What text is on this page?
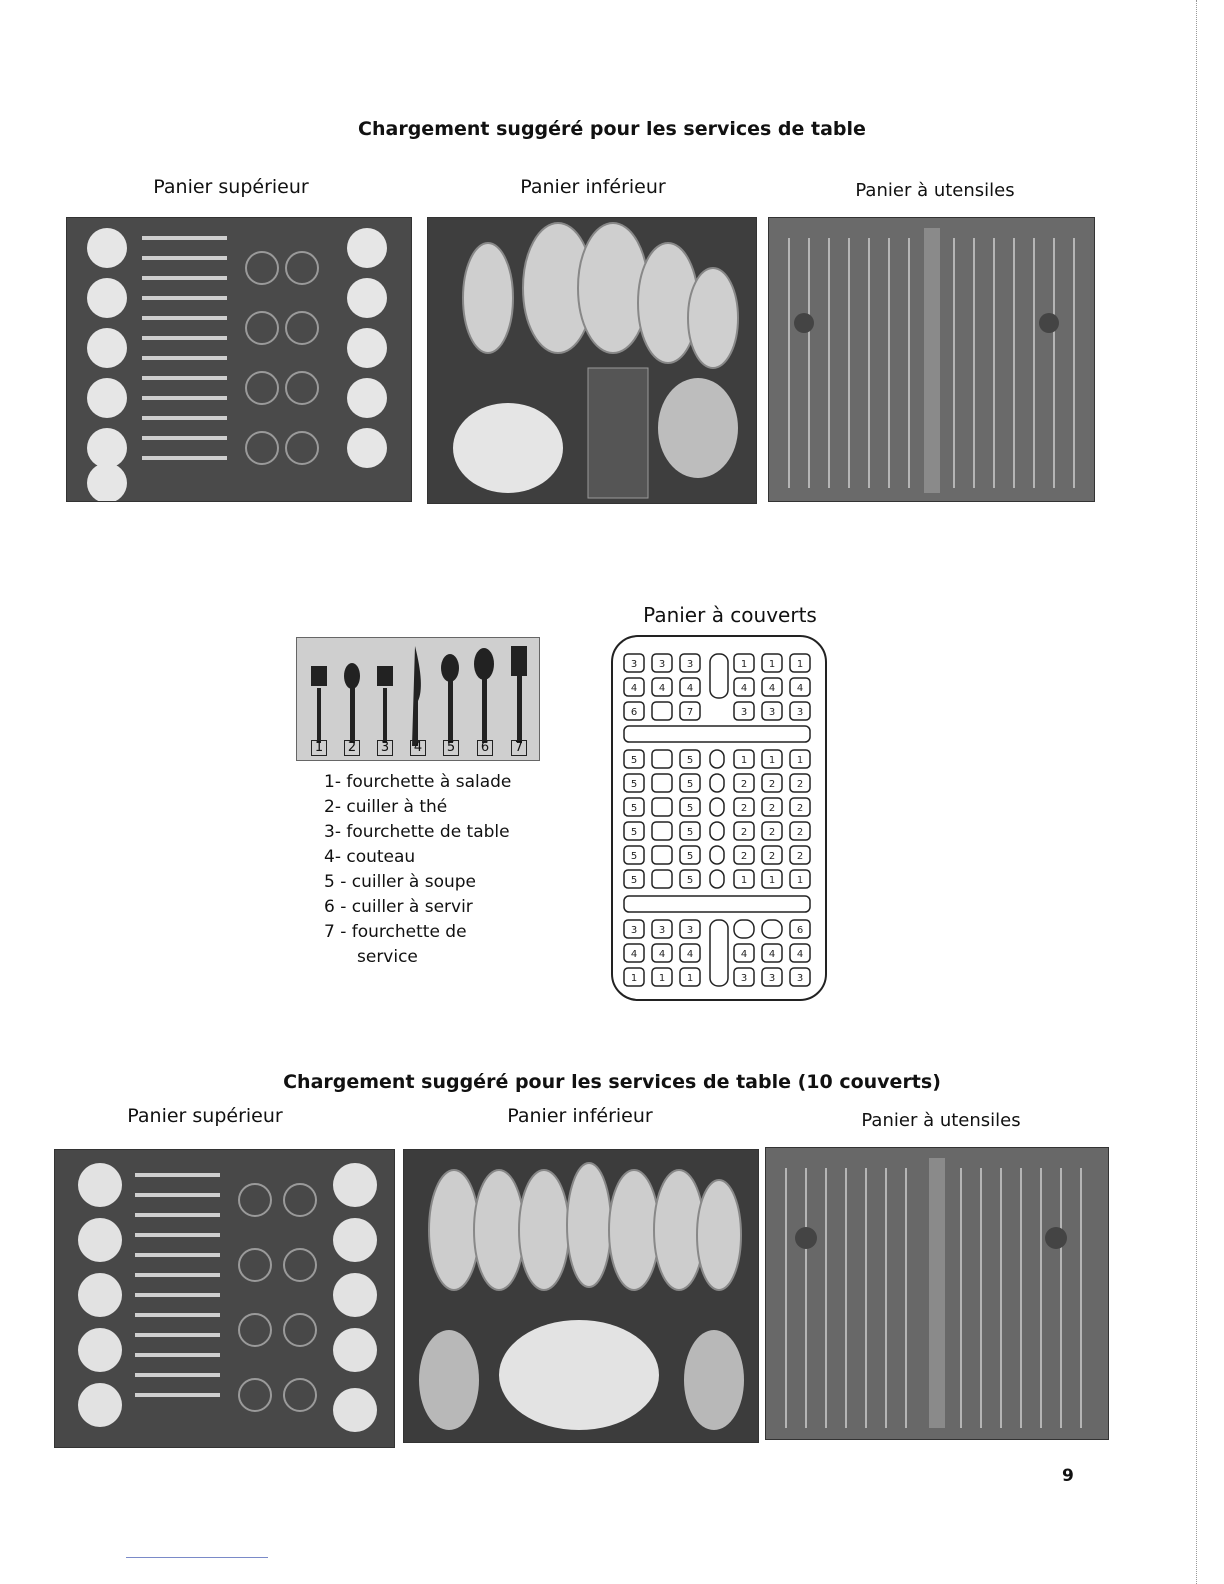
Chargement suggéré pour les services de table
Panier supérieur	Panier inférieur	Panier à utensiles
1 2 3 4 5 6 7
1- fourchette à salade
2- cuiller à thé
3- fourchette de table
4- couteau
5 - cuiller à soupe
6 - cuiller à servir
7 - fourchette de
service
Panier à couverts
3 3 3
4 4 4
6	7
1 1 1
4 4 4
3 3 3
5	5	1 1 1
5	5	2 2 2
5	5	2 2 2
5	5	2 2 2
5	5	2 2 2
5	5	1 1 1
3 3 3	6
4 4 4	4 4 4
1 1 1	3 3 3
Chargement suggéré pour les services de table (10 couverts)
Panier supérieur	Panier inférieur	Panier à utensiles
9
